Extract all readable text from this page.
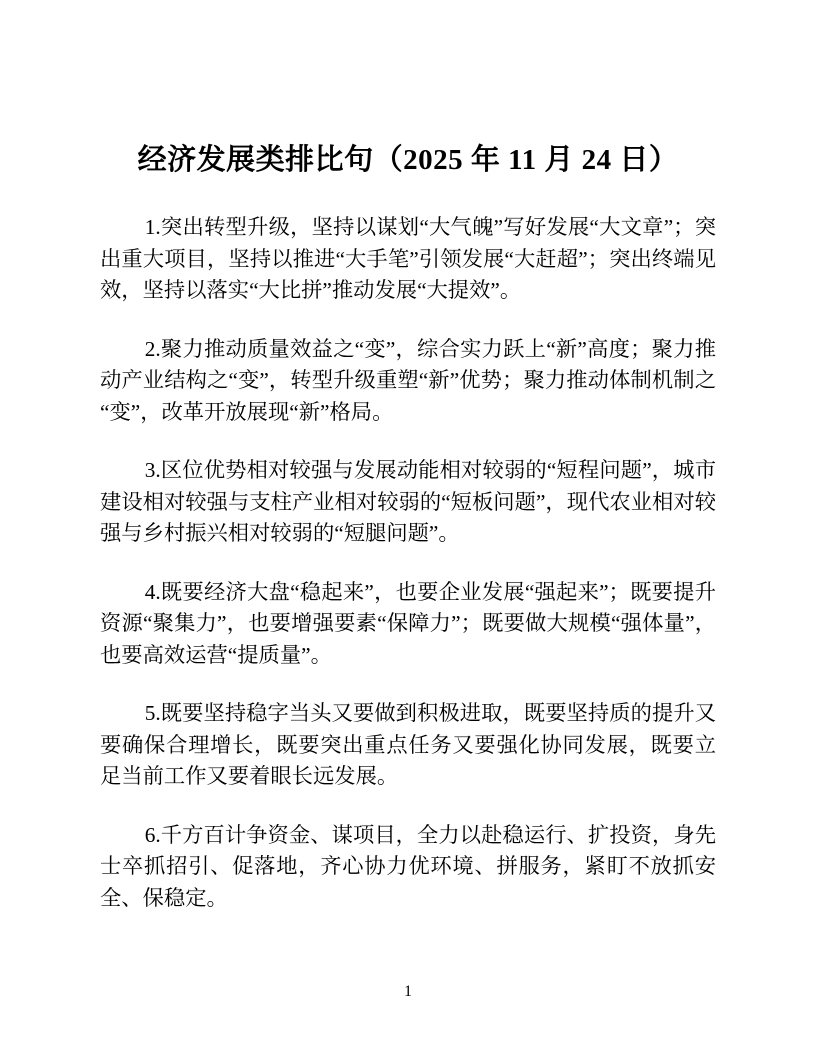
经济发展类排比句（2025 年 11 月 24 日）

1.突出转型升级，坚持以谋划“大气魄”写好发展“大文章”；突出重大项目，坚持以推进“大手笔”引领发展“大赶超”；突出终端见效，坚持以落实“大比拼”推动发展“大提效”。

2.聚力推动质量效益之“变”，综合实力跃上“新”高度；聚力推动产业结构之“变”，转型升级重塑“新”优势；聚力推动体制机制之“变”，改革开放展现“新”格局。

3.区位优势相对较强与发展动能相对较弱的“短程问题”，城市建设相对较强与支柱产业相对较弱的“短板问题”，现代农业相对较强与乡村振兴相对较弱的“短腿问题”。

4.既要经济大盘“稳起来”，也要企业发展“强起来”；既要提升资源“聚集力”，也要增强要素“保障力”；既要做大规模“强体量”，也要高效运营“提质量”。

5.既要坚持稳字当头又要做到积极进取，既要坚持质的提升又要确保合理增长，既要突出重点任务又要强化协同发展，既要立足当前工作又要着眼长远发展。

6.千方百计争资金、谋项目，全力以赴稳运行、扩投资，身先士卒抓招引、促落地，齐心协力优环境、拼服务，紧盯不放抓安全、保稳定。

1
